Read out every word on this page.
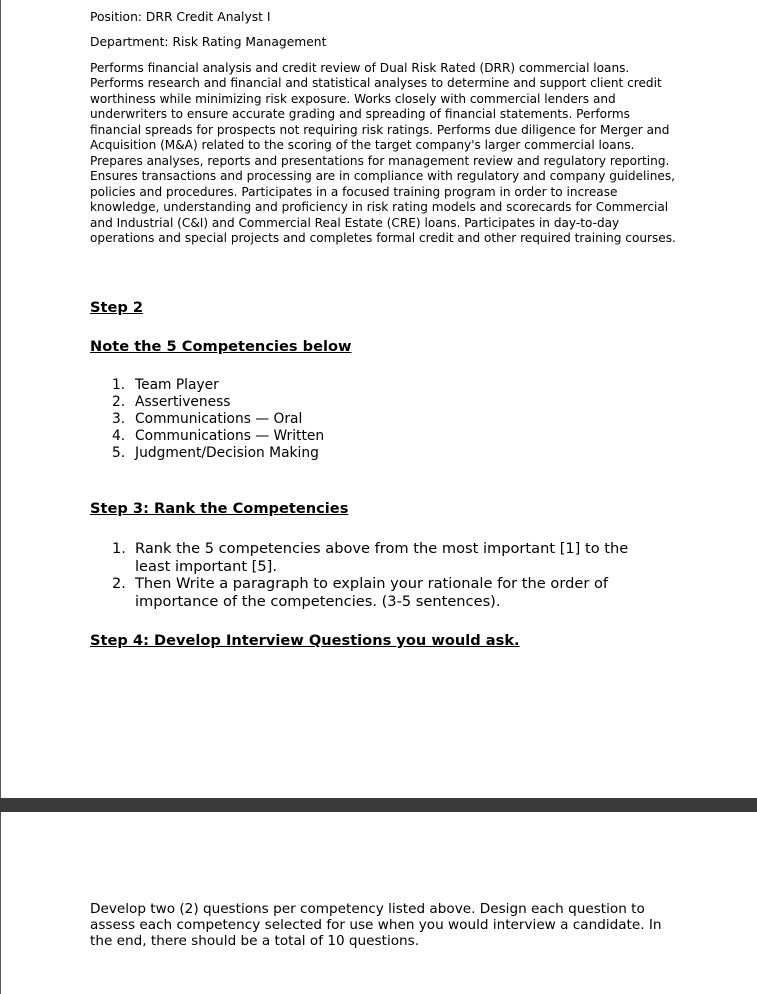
Position: DRR Credit Analyst I
Department: Risk Rating Management
Performs financial analysis and credit review of Dual Risk Rated (DRR) commercial loans. Performs research and financial and statistical analyses to determine and support client credit worthiness while minimizing risk exposure. Works closely with commercial lenders and underwriters to ensure accurate grading and spreading of financial statements. Performs financial spreads for prospects not requiring risk ratings. Performs due diligence for Merger and Acquisition (M&A) related to the scoring of the target company's larger commercial loans. Prepares analyses, reports and presentations for management review and regulatory reporting. Ensures transactions and processing are in compliance with regulatory and company guidelines, policies and procedures. Participates in a focused training program in order to increase knowledge, understanding and proficiency in risk rating models and scorecards for Commercial and Industrial (C&I) and Commercial Real Estate (CRE) loans. Participates in day-to-day operations and special projects and completes formal credit and other required training courses.
Step 2
Note the 5 Competencies below
1. Team Player
2. Assertiveness
3. Communications — Oral
4. Communications — Written
5. Judgment/Decision Making
Step 3: Rank the Competencies
1. Rank the 5 competencies above from the most important [1] to the least important [5].
2. Then Write a paragraph to explain your rationale for the order of importance of the competencies. (3-5 sentences).
Step 4: Develop Interview Questions you would ask.
Develop two (2) questions per competency listed above. Design each question to assess each competency selected for use when you would interview a candidate. In the end, there should be a total of 10 questions.
